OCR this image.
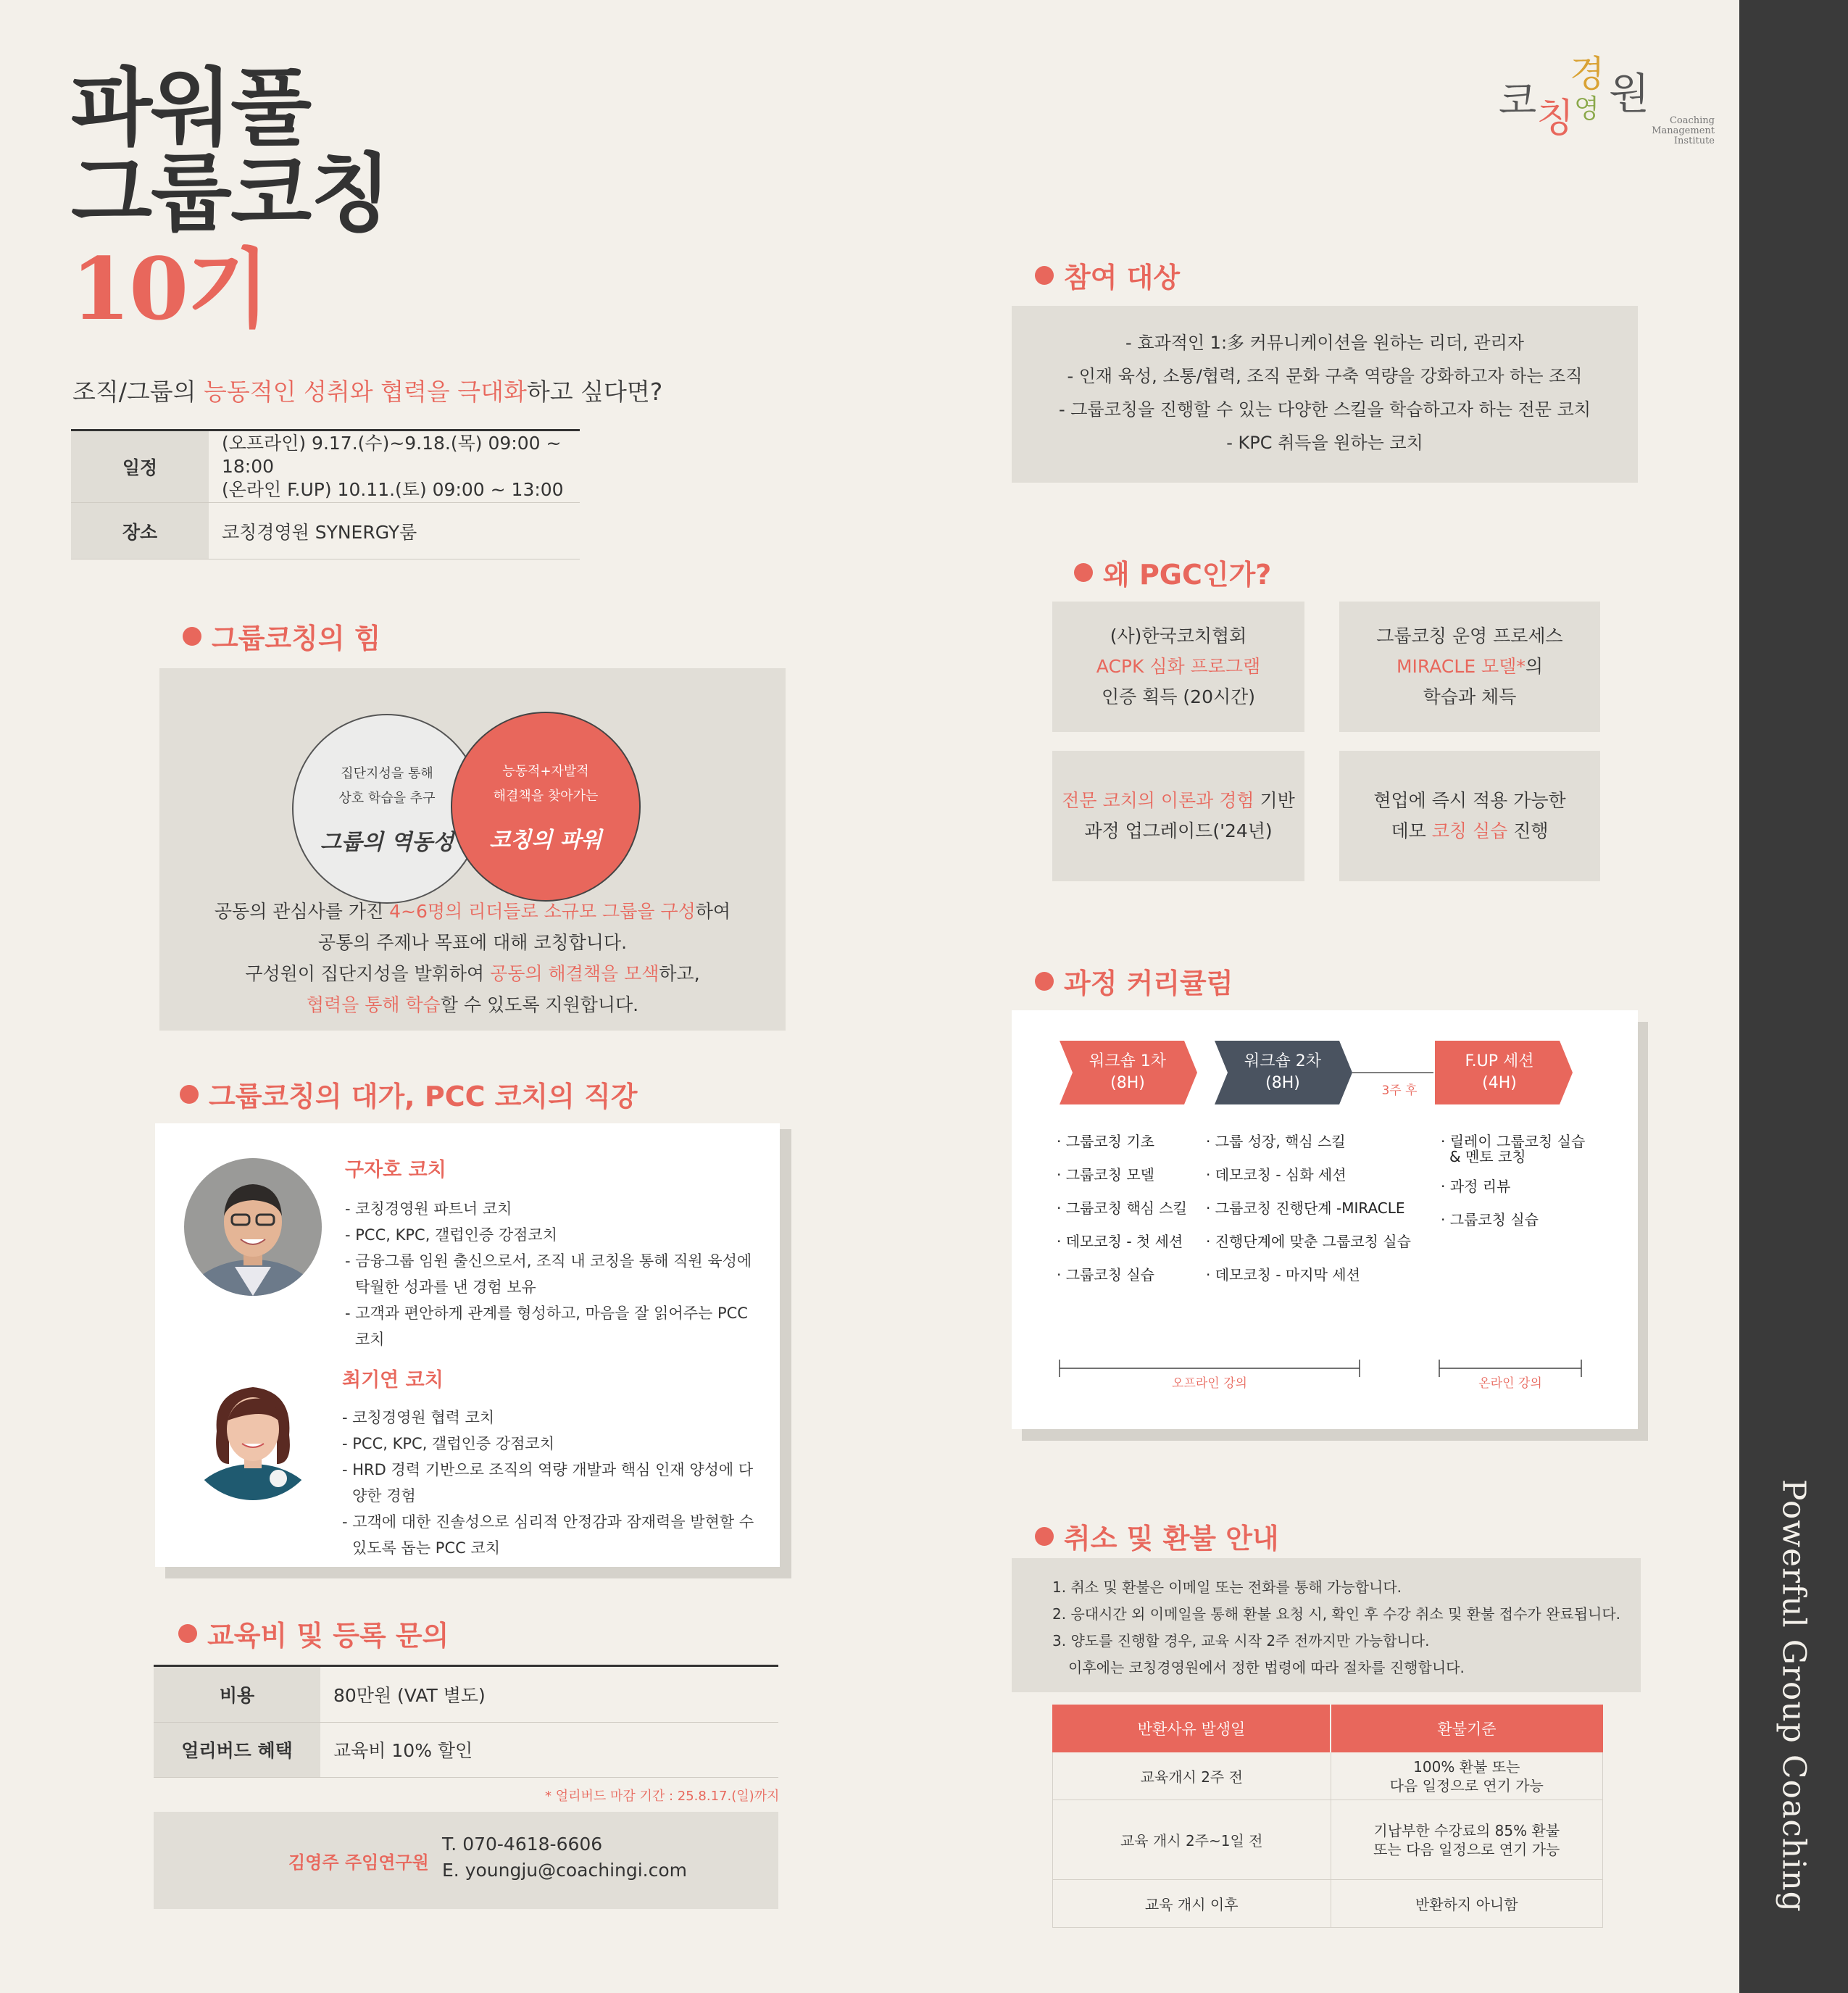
Powerful Group Coaching
코 칭
경
영 원
Coaching
Management
Institute
파워풀
그룹코칭
10기
조직/그룹의 능동적인 성취와 협력을 극대화하고 싶다면?
일정	(오프라인) 9.17.(수)~9.18.(목) 09:00 ~ 18:00
(온라인 F.UP) 10.11.(토) 09:00 ~ 13:00

장소	코칭경영원 SYNERGY룸
그룹코칭의 힘
집단지성을 통해
상호 학습을 추구
그룹의 역동성
능동적+자발적
해결책을 찾아가는
코칭의 파워
공동의 관심사를 가진 4~6명의 리더들로 소규모 그룹을 구성하여
공통의 주제나 목표에 대해 코칭합니다.
구성원이 집단지성을 발휘하여 공동의 해결책을 모색하고,
협력을 통해 학습할 수 있도록 지원합니다.
그룹코칭의 대가, PCC 코치의 직강
구자호 코치
- 코칭경영원 파트너 코치
- PCC, KPC, 갤럽인증 강점코치
- 금융그룹 임원 출신으로서, 조직 내 코칭을 통해 직원 육성에 탁월한 성과를 낸 경험 보유
- 고객과 편안하게 관계를 형성하고, 마음을 잘 읽어주는 PCC 코치
최기연 코치
- 코칭경영원 협력 코치
- PCC, KPC, 갤럽인증 강점코치
- HRD 경력 기반으로 조직의 역량 개발과 핵심 인재 양성에 다양한 경험
- 고객에 대한 진솔성으로 심리적 안정감과 잠재력을 발현할 수 있도록 돕는 PCC 코치
교육비 및 등록 문의
비용	80만원 (VAT 별도)
얼리버드 혜택	교육비 10% 할인
* 얼리버드 마감 기간 : 25.8.17.(일)까지
김영주 주임연구원
T. 070-4618-6606
E. youngju@coachingi.com
참여 대상
- 효과적인 1:多 커뮤니케이션을 원하는 리더, 관리자
- 인재 육성, 소통/협력, 조직 문화 구축 역량을 강화하고자 하는 조직
- 그룹코칭을 진행할 수 있는 다양한 스킬을 학습하고자 하는 전문 코치
- KPC 취득을 원하는 코치
왜 PGC인가?
(사)한국코치협회
ACPK 심화 프로그램
인증 획득 (20시간)
그룹코칭 운영 프로세스
MIRACLE 모델*의
학습과 체득
전문 코치의 이론과 경험 기반
과정 업그레이드('24년)
현업에 즉시 적용 가능한
데모 코칭 실습 진행
과정 커리큘럼
워크숍 1차
(8H)
워크숍 2차
(8H)
F.UP 세션
(4H)
3주 후
· 그룹코칭 기초
· 그룹코칭 모델
· 그룹코칭 핵심 스킬
· 데모코칭 - 첫 세션
· 그룹코칭 실습
· 그룹 성장, 핵심 스킬
· 데모코칭 - 심화 세션
· 그룹코칭 진행단계 -MIRACLE
· 진행단계에 맞춘 그룹코칭 실습
· 데모코칭 - 마지막 세션
· 릴레이 그룹코칭 실습
& 멘토 코칭
· 과정 리뷰
· 그룹코칭 실습
오프라인 강의	온라인 강의
취소 및 환불 안내
1. 취소 및 환불은 이메일 또는 전화를 통해 가능합니다.
2. 응대시간 외 이메일을 통해 환불 요청 시, 확인 후 수강 취소 및 환불 접수가 완료됩니다.
3. 양도를 진행할 경우, 교육 시작 2주 전까지만 가능합니다.
이후에는 코칭경영원에서 정한 법령에 따라 절차를 진행합니다.
반환사유 발생일	환불기준
교육개시 2주 전	100% 환불 또는
다음 일정으로 연기 가능

교육 개시 2주~1일 전	기납부한 수강료의 85% 환불
또는 다음 일정으로 연기 가능

교육 개시 이후	반환하지 아니함
